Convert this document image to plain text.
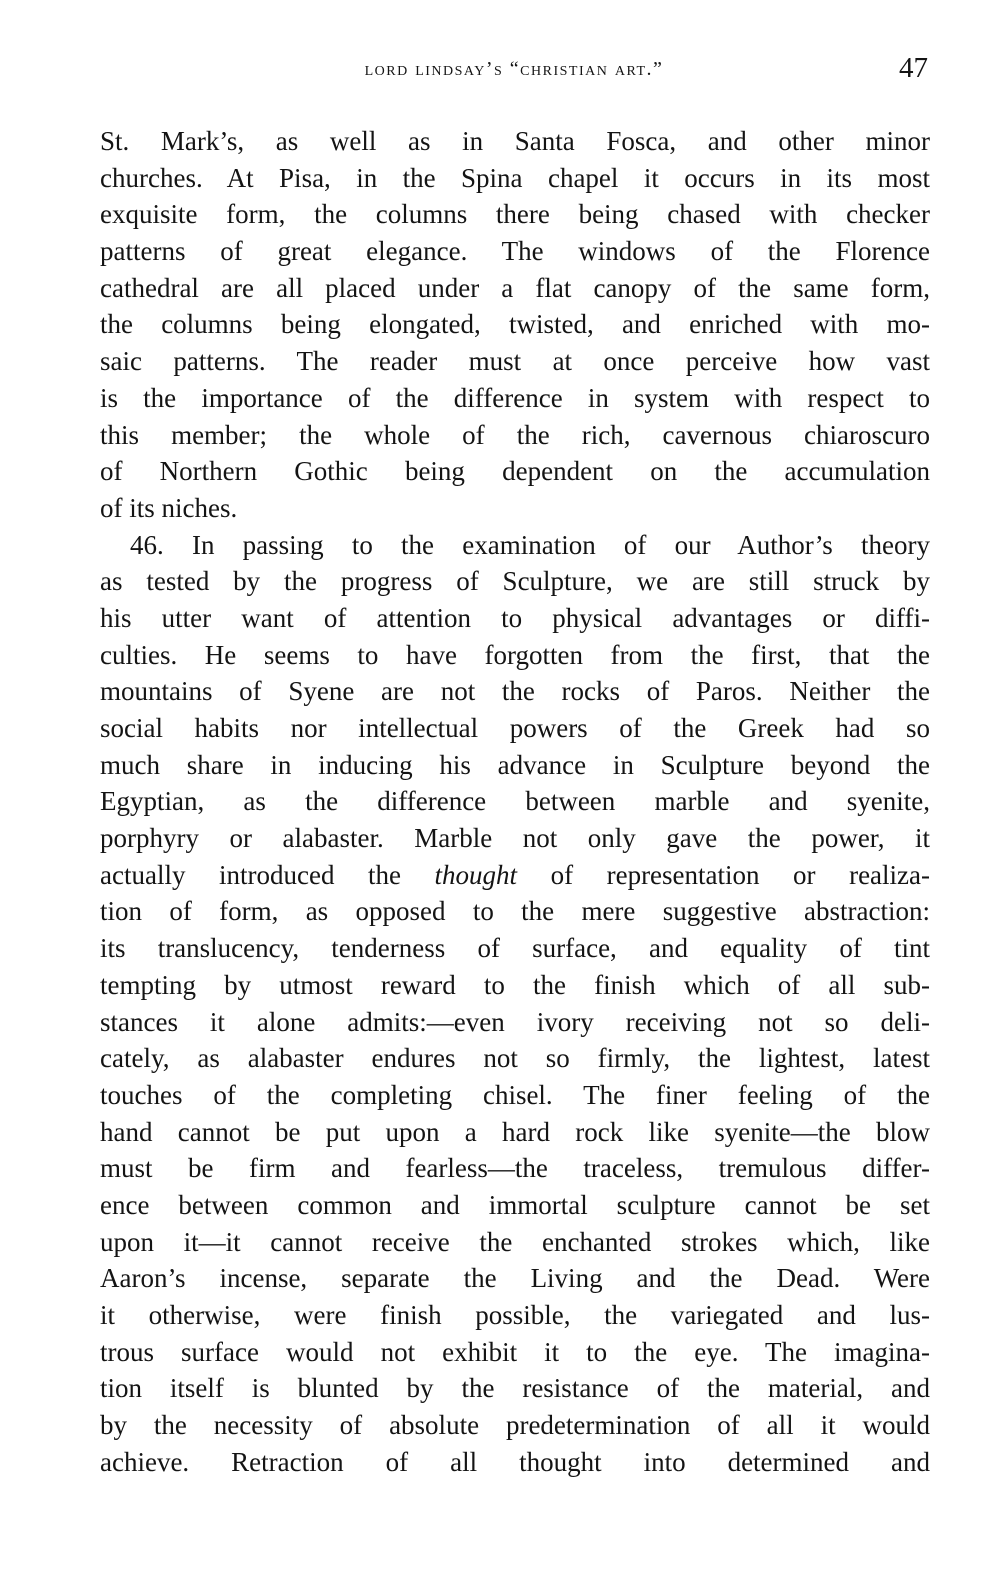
lord lindsay’s “christian art.”	47
St. Mark’s, as well as in Santa Fosca, and other minor
churches. At Pisa, in the Spina chapel it occurs in its most
exquisite form, the columns there being chased with checker
patterns of great elegance. The windows of the Florence
cathedral are all placed under a flat canopy of the same form,
the columns being elongated, twisted, and enriched with mo-
saic patterns. The reader must at once perceive how vast
is the importance of the difference in system with respect to
this member; the whole of the rich, cavernous chiaroscuro
of Northern Gothic being dependent on the accumulation
of its niches.
46. In passing to the examination of our Author’s theory
as tested by the progress of Sculpture, we are still struck by
his utter want of attention to physical advantages or diffi-
culties. He seems to have forgotten from the first, that the
mountains of Syene are not the rocks of Paros. Neither the
social habits nor intellectual powers of the Greek had so
much share in inducing his advance in Sculpture beyond the
Egyptian, as the difference between marble and syenite,
porphyry or alabaster. Marble not only gave the power, it
actually introduced the thought of representation or realiza-
tion of form, as opposed to the mere suggestive abstraction:
its translucency, tenderness of surface, and equality of tint
tempting by utmost reward to the finish which of all sub-
stances it alone admits:—even ivory receiving not so deli-
cately, as alabaster endures not so firmly, the lightest, latest
touches of the completing chisel. The finer feeling of the
hand cannot be put upon a hard rock like syenite—the blow
must be firm and fearless—the traceless, tremulous differ-
ence between common and immortal sculpture cannot be set
upon it—it cannot receive the enchanted strokes which, like
Aaron’s incense, separate the Living and the Dead. Were
it otherwise, were finish possible, the variegated and lus-
trous surface would not exhibit it to the eye. The imagina-
tion itself is blunted by the resistance of the material, and
by the necessity of absolute predetermination of all it would
achieve. Retraction of all thought into determined and
